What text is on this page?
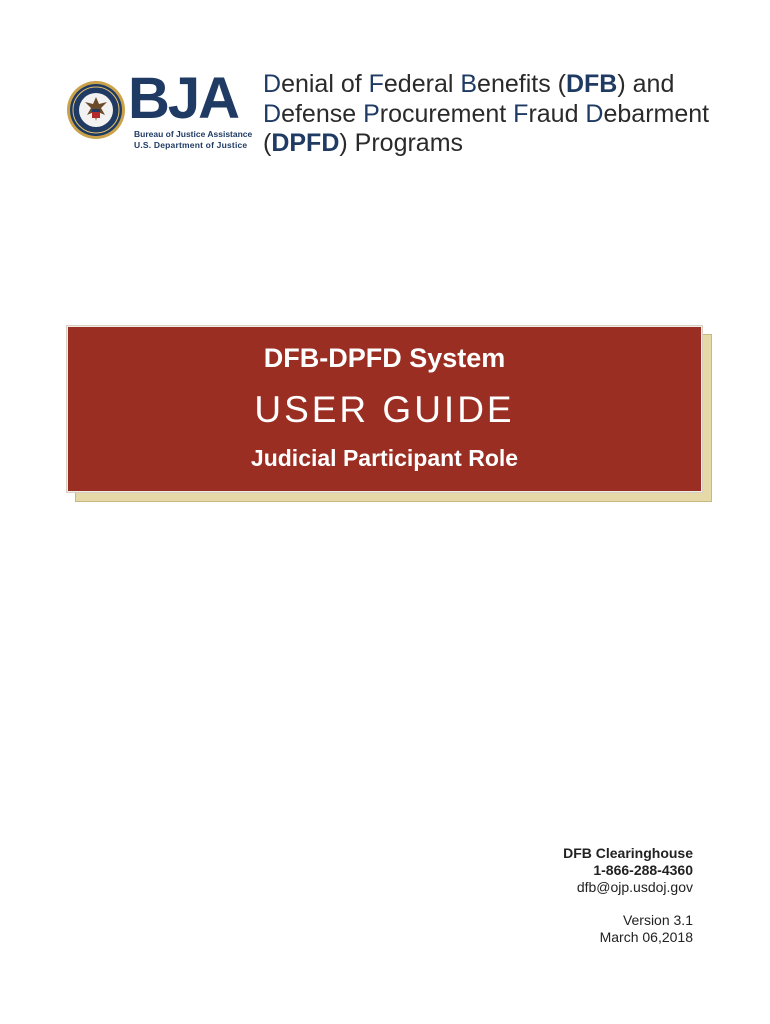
BJA
Bureau of Justice Assistance
U.S. Department of Justice
Denial of Federal Benefits (DFB) and
Defense Procurement Fraud Debarment
(DPFD) Programs
DFB-DPFD System
USER GUIDE
Judicial Participant Role
DFB Clearinghouse
1-866-288-4360
dfb@ojp.usdoj.gov
Version 3.1
March 06,2018
